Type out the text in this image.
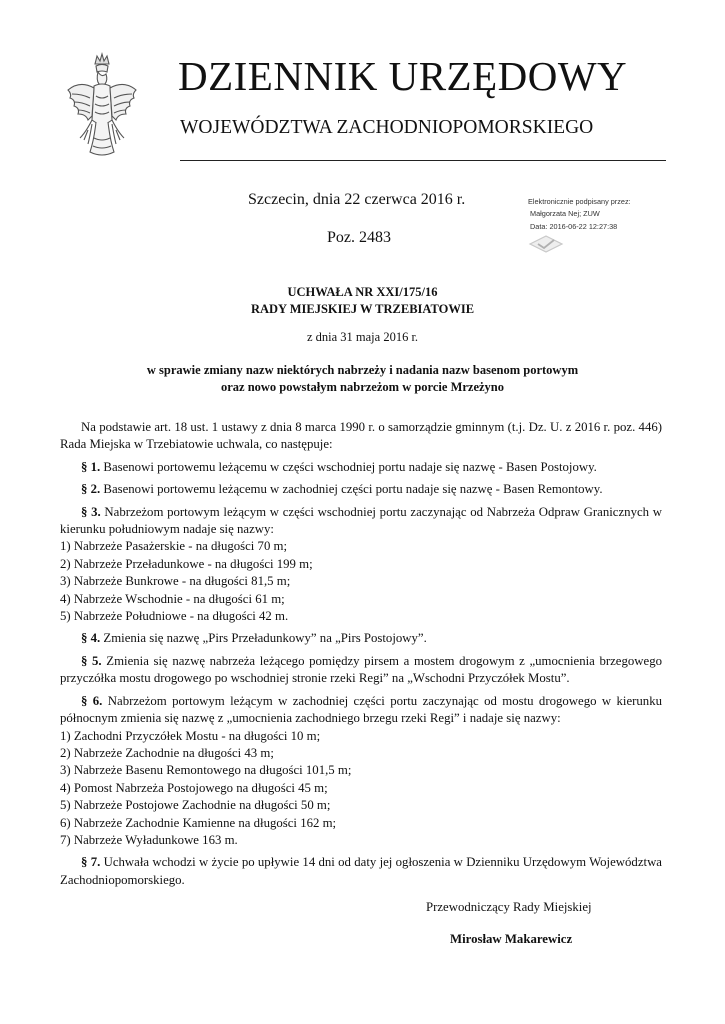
DZIENNIK URZĘDOWY
WOJEWÓDZTWA ZACHODNIOPOMORSKIEGO
Szczecin, dnia 22 czerwca 2016 r.
Poz. 2483
Elektronicznie podpisany przez:
Małgorzata Nej; ZUW
Data: 2016-06-22 12:27:38
UCHWAŁA NR XXI/175/16
RADY MIEJSKIEJ W TRZEBIATOWIE
z dnia 31 maja 2016 r.
w sprawie zmiany nazw niektórych nabrzeży i nadania nazw basenom portowym
oraz nowo powstałym nabrzeżom w porcie Mrzeżyno

Na podstawie art. 18 ust. 1 ustawy z dnia 8 marca 1990 r. o samorządzie gminnym (t.j. Dz. U. z 2016 r. poz. 446) Rada Miejska w Trzebiatowie uchwala, co następuje:

§ 1. Basenowi portowemu leżącemu w części wschodniej portu nadaje się nazwę - Basen Postojowy.

§ 2. Basenowi portowemu leżącemu w zachodniej części portu nadaje się nazwę - Basen Remontowy.

§ 3. Nabrzeżom portowym leżącym w części wschodniej portu zaczynając od Nabrzeża Odpraw Granicznych w kierunku południowym nadaje się nazwy:

1) Nabrzeże Pasażerskie - na długości 70 m;

2) Nabrzeże Przeładunkowe - na długości 199 m;

3) Nabrzeże Bunkrowe - na długości 81,5 m;

4) Nabrzeże Wschodnie - na długości 61 m;

5) Nabrzeże Południowe - na długości 42 m.

§ 4. Zmienia się nazwę „Pirs Przeładunkowy” na „Pirs Postojowy”.

§ 5. Zmienia się nazwę nabrzeża leżącego pomiędzy pirsem a mostem drogowym z „umocnienia brzegowego przyczółka mostu drogowego po wschodniej stronie rzeki Regi” na „Wschodni Przyczółek Mostu”.

§ 6. Nabrzeżom portowym leżącym w zachodniej części portu zaczynając od mostu drogowego w kierunku północnym zmienia się nazwę z „umocnienia zachodniego brzegu rzeki Regi” i nadaje się nazwy:

1) Zachodni Przyczółek Mostu - na długości 10 m;

2) Nabrzeże Zachodnie na długości 43 m;

3) Nabrzeże Basenu Remontowego na długości 101,5 m;

4) Pomost Nabrzeża Postojowego na długości 45 m;

5) Nabrzeże Postojowe Zachodnie na długości 50 m;

6) Nabrzeże Zachodnie Kamienne na długości 162 m;

7) Nabrzeże Wyładunkowe 163 m.

§ 7. Uchwała wchodzi w życie po upływie 14 dni od daty jej ogłoszenia w Dzienniku Urzędowym Województwa Zachodniopomorskiego.

Przewodniczący Rady Miejskiej
Mirosław Makarewicz
